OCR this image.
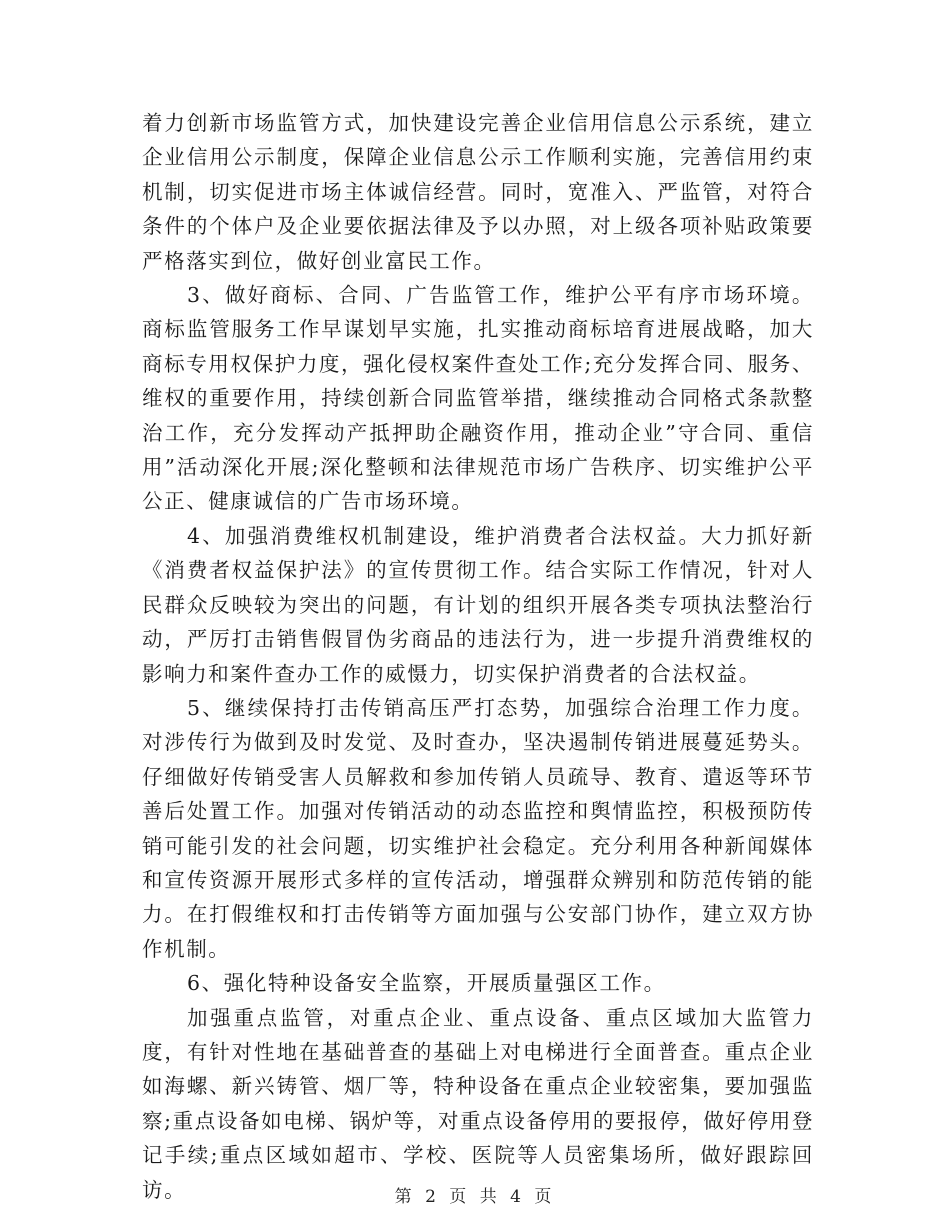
着力创新市场监管方式，加快建设完善企业信用信息公示系统，建立企业信用公示制度，保障企业信息公示工作顺利实施，完善信用约束机制，切实促进市场主体诚信经营。同时，宽准入、严监管，对符合条件的个体户及企业要依据法律及予以办照，对上级各项补贴政策要严格落实到位，做好创业富民工作。

3、做好商标、合同、广告监管工作，维护公平有序市场环境。商标监管服务工作早谋划早实施，扎实推动商标培育进展战略，加大商标专用权保护力度，强化侵权案件查处工作;充分发挥合同、服务、维权的重要作用，持续创新合同监管举措，继续推动合同格式条款整治工作，充分发挥动产抵押助企融资作用，推动企业”守合同、重信用”活动深化开展;深化整顿和法律规范市场广告秩序、切实维护公平公正、健康诚信的广告市场环境。

4、加强消费维权机制建设，维护消费者合法权益。大力抓好新《消费者权益保护法》的宣传贯彻工作。结合实际工作情况，针对人民群众反映较为突出的问题，有计划的组织开展各类专项执法整治行动，严厉打击销售假冒伪劣商品的违法行为，进一步提升消费维权的影响力和案件查办工作的威慑力，切实保护消费者的合法权益。

5、继续保持打击传销高压严打态势，加强综合治理工作力度。对涉传行为做到及时发觉、及时查办，坚决遏制传销进展蔓延势头。仔细做好传销受害人员解救和参加传销人员疏导、教育、遣返等环节善后处置工作。加强对传销活动的动态监控和舆情监控，积极预防传销可能引发的社会问题，切实维护社会稳定。充分利用各种新闻媒体和宣传资源开展形式多样的宣传活动，增强群众辨别和防范传销的能力。在打假维权和打击传销等方面加强与公安部门协作，建立双方协作机制。

6、强化特种设备安全监察，开展质量强区工作。

加强重点监管，对重点企业、重点设备、重点区域加大监管力度，有针对性地在基础普查的基础上对电梯进行全面普查。重点企业如海螺、新兴铸管、烟厂等，特种设备在重点企业较密集，要加强监察;重点设备如电梯、锅炉等，对重点设备停用的要报停，做好停用登记手续;重点区域如超市、学校、医院等人员密集场所，做好跟踪回访。	第 2 页 共 4 页
